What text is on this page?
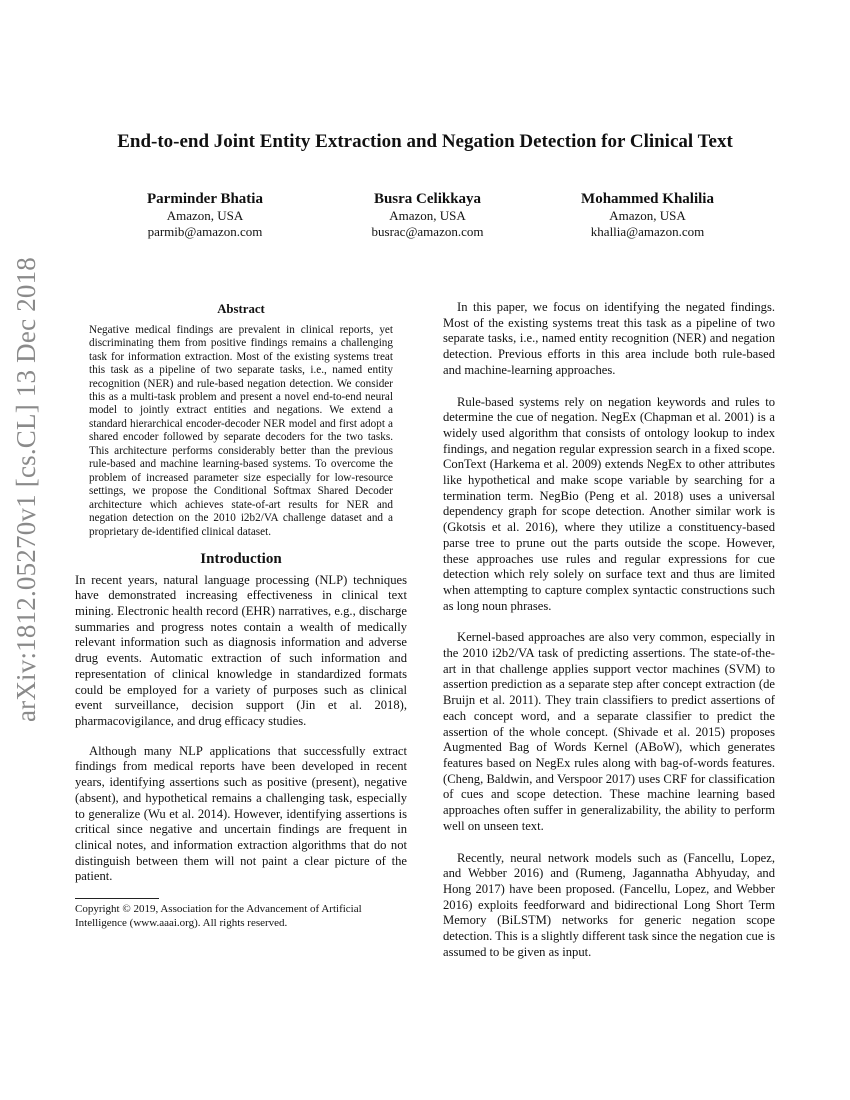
arXiv:1812.05270v1 [cs.CL] 13 Dec 2018
End-to-end Joint Entity Extraction and Negation Detection for Clinical Text
Parminder Bhatia
Amazon, USA
parmib@amazon.com
Busra Celikkaya
Amazon, USA
busrac@amazon.com
Mohammed Khalilia
Amazon, USA
khallia@amazon.com
Abstract

Negative medical findings are prevalent in clinical reports, yet discriminating them from positive findings remains a challenging task for information extraction. Most of the existing systems treat this task as a pipeline of two separate tasks, i.e., named entity recognition (NER) and rule-based negation detection. We consider this as a multi-task problem and present a novel end-to-end neural model to jointly extract entities and negations. We extend a standard hierarchical encoder-decoder NER model and first adopt a shared encoder followed by separate decoders for the two tasks. This architecture performs considerably better than the previous rule-based and machine learning-based systems. To overcome the problem of increased parameter size especially for low-resource settings, we propose the Conditional Softmax Shared Decoder architecture which achieves state-of-art results for NER and negation detection on the 2010 i2b2/VA challenge dataset and a proprietary de-identified clinical dataset.

Introduction

In recent years, natural language processing (NLP) techniques have demonstrated increasing effectiveness in clinical text mining. Electronic health record (EHR) narratives, e.g., discharge summaries and progress notes contain a wealth of medically relevant information such as diagnosis information and adverse drug events. Automatic extraction of such information and representation of clinical knowledge in standardized formats could be employed for a variety of purposes such as clinical event surveillance, decision support (Jin et al. 2018), pharmacovigilance, and drug efficacy studies.

Although many NLP applications that successfully extract findings from medical reports have been developed in recent years, identifying assertions such as positive (present), negative (absent), and hypothetical remains a challenging task, especially to generalize (Wu et al. 2014). However, identifying assertions is critical since negative and uncertain findings are frequent in clinical notes, and information extraction algorithms that do not distinguish between them will not paint a clear picture of the patient.

Copyright © 2019, Association for the Advancement of Artificial Intelligence (www.aaai.org). All rights reserved.

In this paper, we focus on identifying the negated findings. Most of the existing systems treat this task as a pipeline of two separate tasks, i.e., named entity recognition (NER) and negation detection. Previous efforts in this area include both rule-based and machine-learning approaches.

Rule-based systems rely on negation keywords and rules to determine the cue of negation. NegEx (Chapman et al. 2001) is a widely used algorithm that consists of ontology lookup to index findings, and negation regular expression search in a fixed scope. ConText (Harkema et al. 2009) extends NegEx to other attributes like hypothetical and make scope variable by searching for a termination term. NegBio (Peng et al. 2018) uses a universal dependency graph for scope detection. Another similar work is (Gkotsis et al. 2016), where they utilize a constituency-based parse tree to prune out the parts outside the scope. However, these approaches use rules and regular expressions for cue detection which rely solely on surface text and thus are limited when attempting to capture complex syntactic constructions such as long noun phrases.

Kernel-based approaches are also very common, especially in the 2010 i2b2/VA task of predicting assertions. The state-of-the-art in that challenge applies support vector machines (SVM) to assertion prediction as a separate step after concept extraction (de Bruijn et al. 2011). They train classifiers to predict assertions of each concept word, and a separate classifier to predict the assertion of the whole concept. (Shivade et al. 2015) proposes Augmented Bag of Words Kernel (ABoW), which generates features based on NegEx rules along with bag-of-words features. (Cheng, Baldwin, and Verspoor 2017) uses CRF for classification of cues and scope detection. These machine learning based approaches often suffer in generalizability, the ability to perform well on unseen text.

Recently, neural network models such as (Fancellu, Lopez, and Webber 2016) and (Rumeng, Jagannatha Abhyuday, and Hong 2017) have been proposed. (Fancellu, Lopez, and Webber 2016) exploits feedforward and bidirectional Long Short Term Memory (BiLSTM) networks for generic negation scope detection. This is a slightly different task since the negation cue is assumed to be given as input.
